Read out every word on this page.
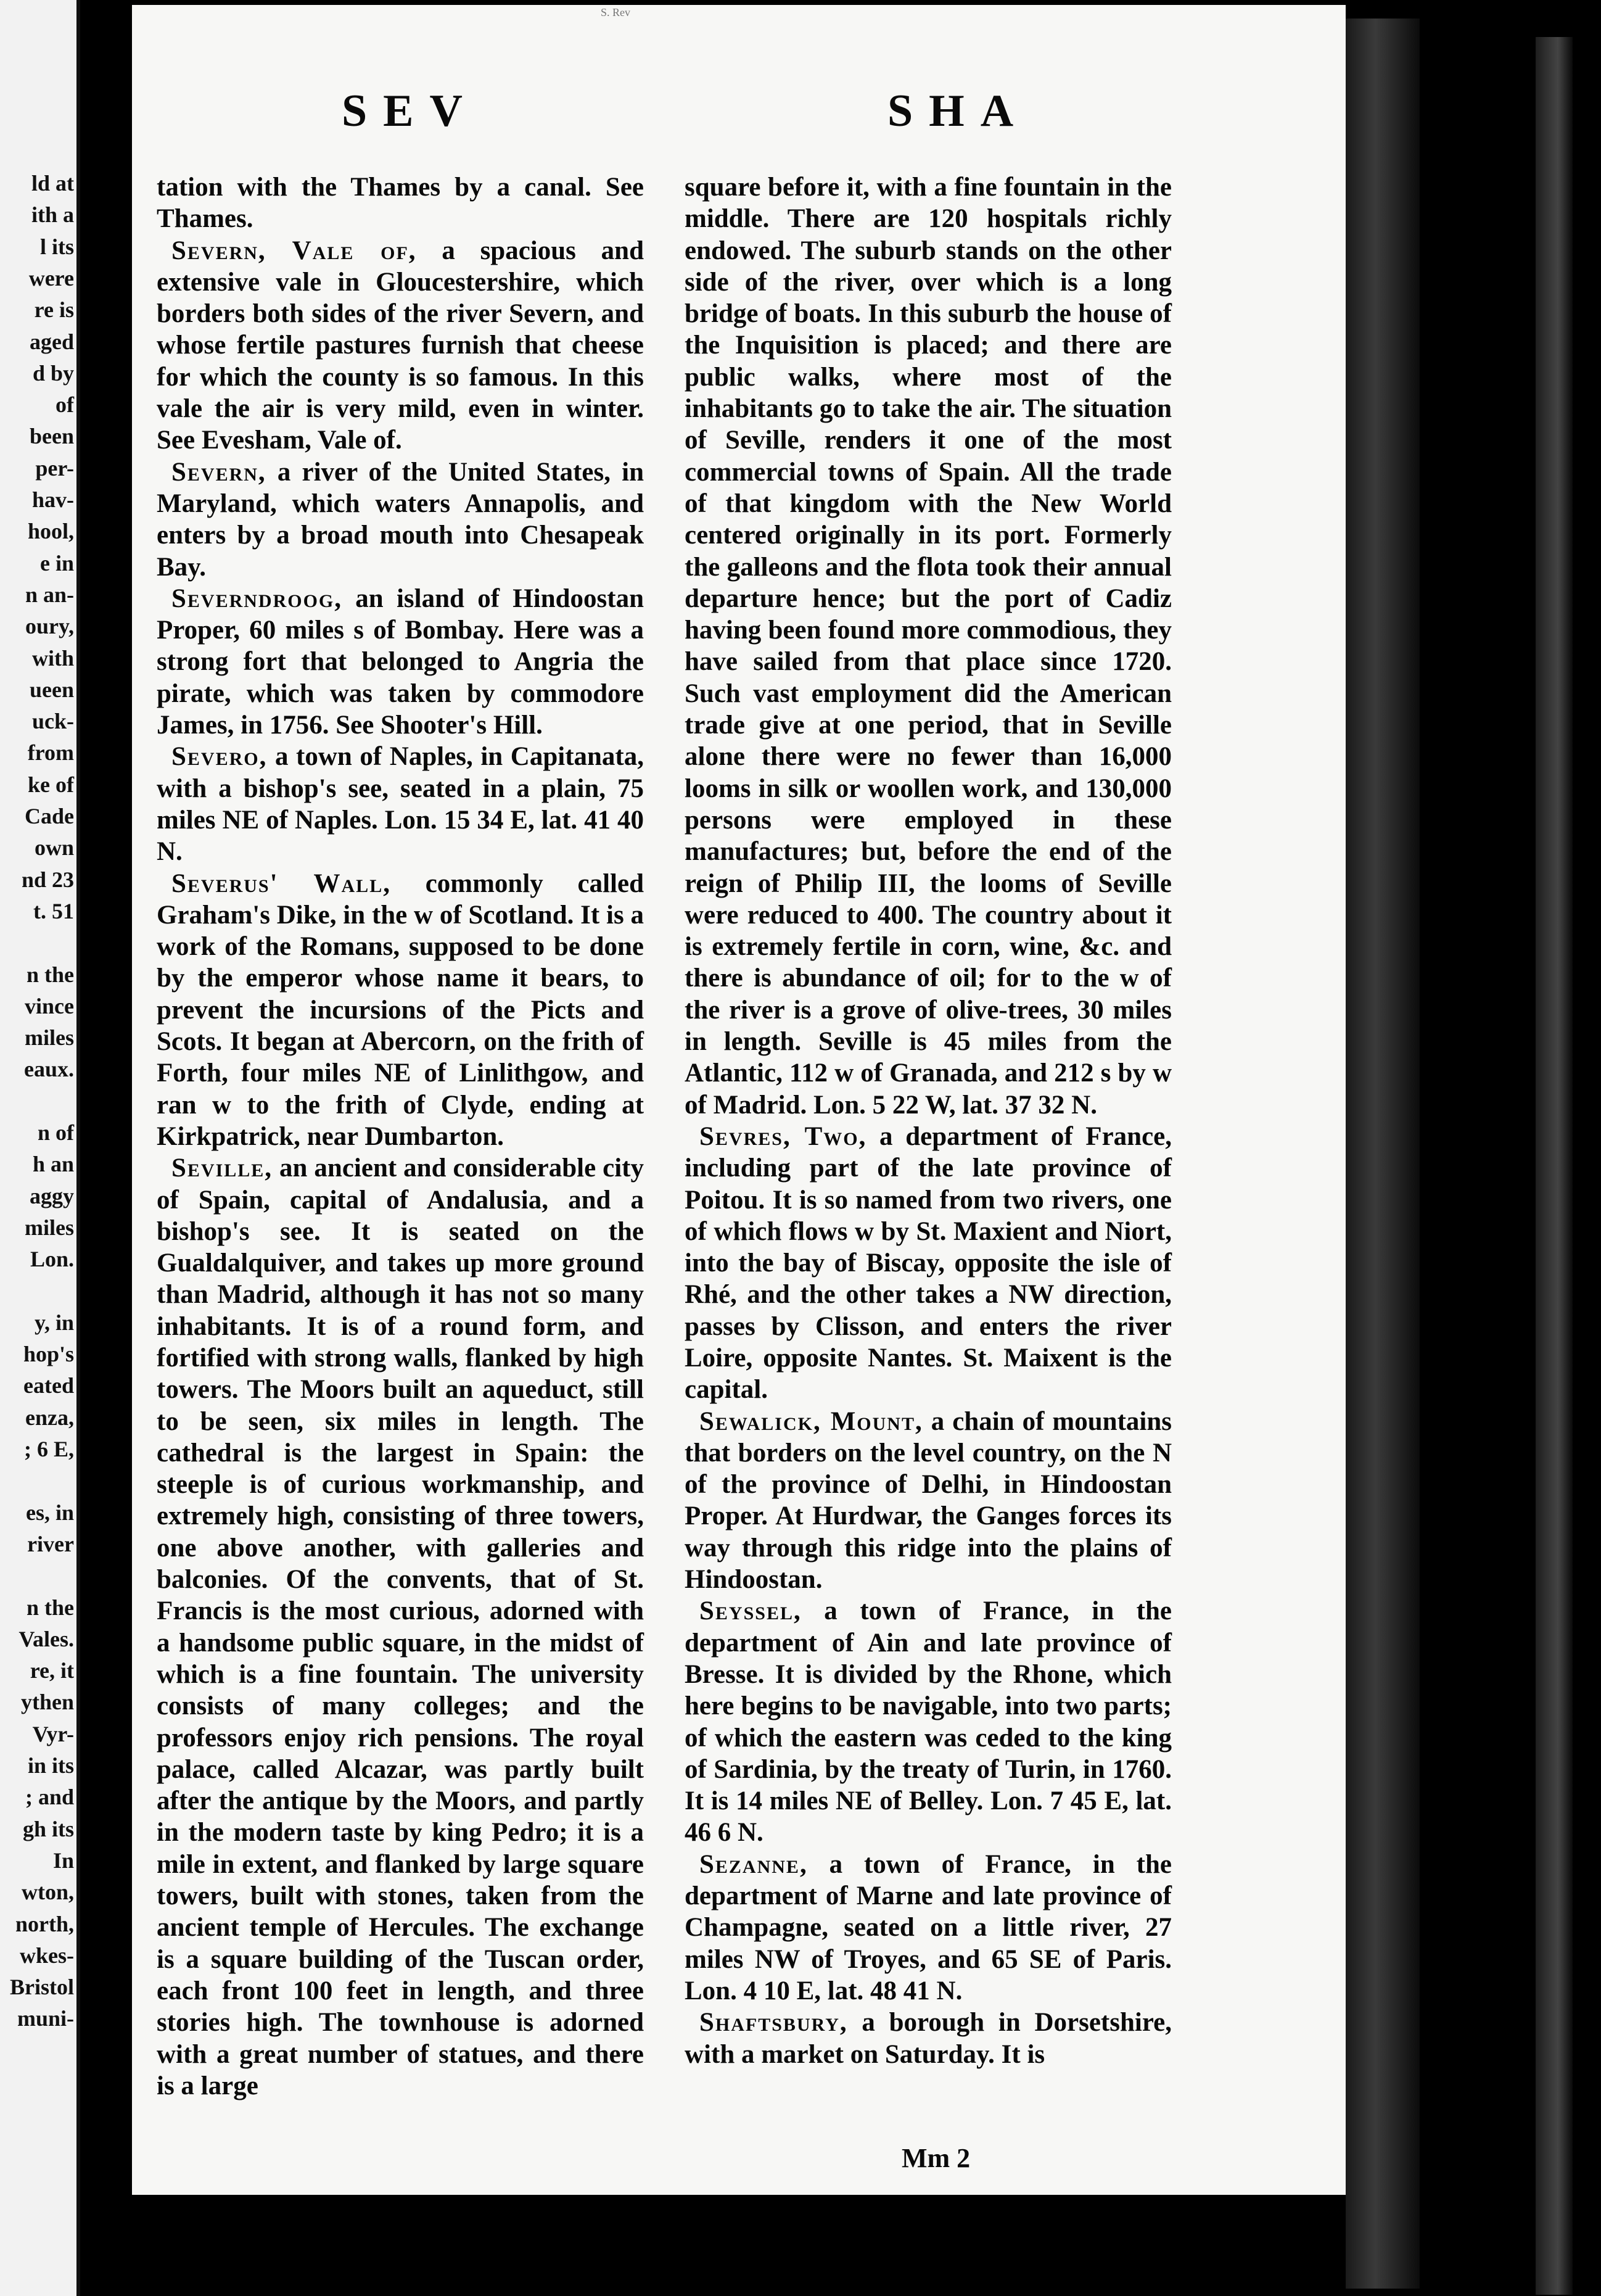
ld at
ith a
l its
were
re is
aged
d by
of
been
per-
hav-
hool,
e in
n an-
oury,
with
ueen
uck-
from
ke of
Cade
own
nd 23
t. 51
n the
vince
miles
eaux.
n of
h an
aggy
miles
Lon.
y, in
hop's
eated
enza,
; 6 E,
es, in
river
n the
Vales.
re, it
ythen
Vyr-
in its
; and
gh its
In
wton,
north,
wkes-
Bristol
muni-
S. Rev
SEV	SHA

tation with the Thames by a canal. See Thames.

Severn, Vale of, a spacious and extensive vale in Gloucestershire, which borders both sides of the river Severn, and whose fertile pastures furnish that cheese for which the county is so famous. In this vale the air is very mild, even in winter. See Evesham, Vale of.

Severn, a river of the United States, in Maryland, which waters Annapolis, and enters by a broad mouth into Chesapeak Bay.

Severndroog, an island of Hindoostan Proper, 60 miles s of Bombay. Here was a strong fort that belonged to Angria the pirate, which was taken by commodore James, in 1756. See Shooter's Hill.

Severo, a town of Naples, in Capitanata, with a bishop's see, seated in a plain, 75 miles NE of Naples. Lon. 15 34 E, lat. 41 40 N.

Severus' Wall, commonly called Graham's Dike, in the w of Scotland. It is a work of the Romans, supposed to be done by the emperor whose name it bears, to prevent the incursions of the Picts and Scots. It began at Abercorn, on the frith of Forth, four miles NE of Linlithgow, and ran w to the frith of Clyde, ending at Kirkpatrick, near Dumbarton.

Seville, an ancient and considerable city of Spain, capital of Andalusia, and a bishop's see. It is seated on the Gualdalquiver, and takes up more ground than Madrid, although it has not so many inhabitants. It is of a round form, and fortified with strong walls, flanked by high towers. The Moors built an aqueduct, still to be seen, six miles in length. The cathedral is the largest in Spain: the steeple is of curious workmanship, and extremely high, consisting of three towers, one above another, with galleries and balconies. Of the convents, that of St. Francis is the most curious, adorned with a handsome public square, in the midst of which is a fine fountain. The university consists of many colleges; and the professors enjoy rich pensions. The royal palace, called Alcazar, was partly built after the antique by the Moors, and partly in the modern taste by king Pedro; it is a mile in extent, and flanked by large square towers, built with stones, taken from the ancient temple of Hercules. The exchange is a square building of the Tuscan order, each front 100 feet in length, and three stories high. The townhouse is adorned with a great number of statues, and there is a large

square before it, with a fine fountain in the middle. There are 120 hospitals richly endowed. The suburb stands on the other side of the river, over which is a long bridge of boats. In this suburb the house of the Inquisition is placed; and there are public walks, where most of the inhabitants go to take the air. The situation of Seville, renders it one of the most commercial towns of Spain. All the trade of that kingdom with the New World centered originally in its port. Formerly the galleons and the flota took their annual departure hence; but the port of Cadiz having been found more commodious, they have sailed from that place since 1720. Such vast employment did the American trade give at one period, that in Seville alone there were no fewer than 16,000 looms in silk or woollen work, and 130,000 persons were employed in these manufactures; but, before the end of the reign of Philip III, the looms of Seville were reduced to 400. The country about it is extremely fertile in corn, wine, &c. and there is abundance of oil; for to the w of the river is a grove of olive-trees, 30 miles in length. Seville is 45 miles from the Atlantic, 112 w of Granada, and 212 s by w of Madrid. Lon. 5 22 W, lat. 37 32 N.

Sevres, Two, a department of France, including part of the late province of Poitou. It is so named from two rivers, one of which flows w by St. Maxient and Niort, into the bay of Biscay, opposite the isle of Rhé, and the other takes a NW direction, passes by Clisson, and enters the river Loire, opposite Nantes. St. Maixent is the capital.

Sewalick, Mount, a chain of mountains that borders on the level country, on the N of the province of Delhi, in Hindoostan Proper. At Hurdwar, the Ganges forces its way through this ridge into the plains of Hindoostan.

Seyssel, a town of France, in the department of Ain and late province of Bresse. It is divided by the Rhone, which here begins to be navigable, into two parts; of which the eastern was ceded to the king of Sardinia, by the treaty of Turin, in 1760. It is 14 miles NE of Belley. Lon. 7 45 E, lat. 46 6 N.

Sezanne, a town of France, in the department of Marne and late province of Champagne, seated on a little river, 27 miles NW of Troyes, and 65 SE of Paris. Lon. 4 10 E, lat. 48 41 N.

Shaftsbury, a borough in Dorsetshire, with a market on Saturday. It is

Mm 2
